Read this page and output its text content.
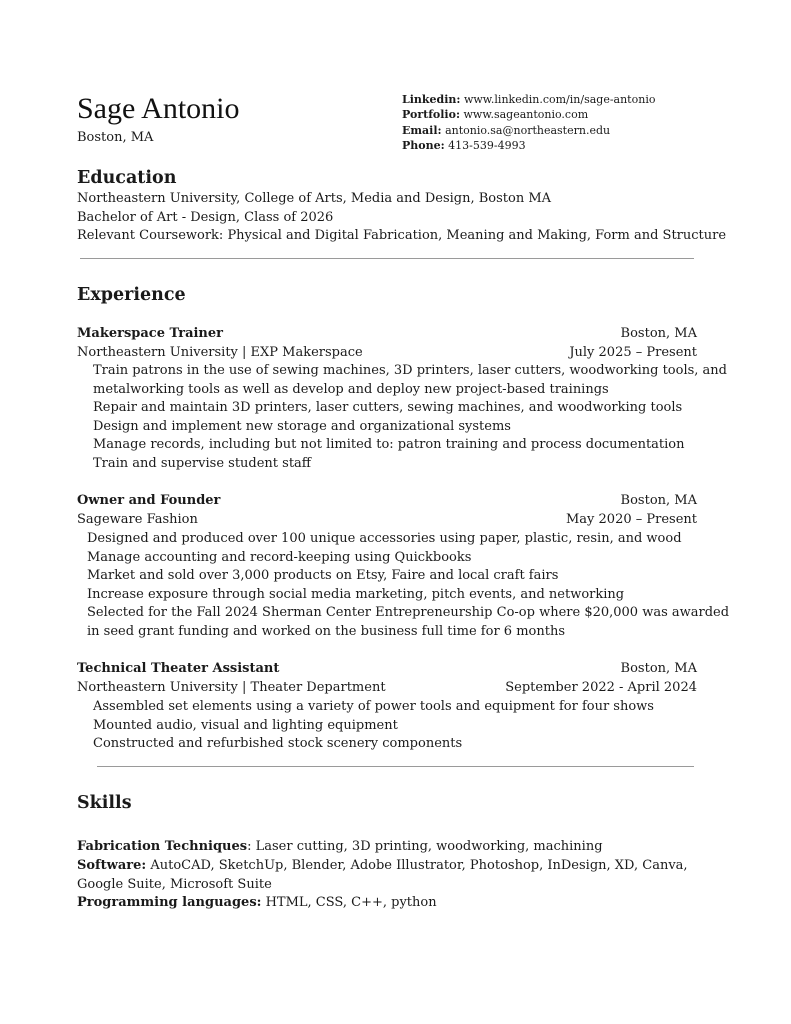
Sage Antonio
Boston, MA
Linkedin: www.linkedin.com/in/sage-antonio
Portfolio: www.sageantonio.com
Email: antonio.sa@northeastern.edu
Phone: 413-539-4993
Education
Northeastern University, College of Arts, Media and Design, Boston MA
Bachelor of Art - Design, Class of 2026
Relevant Coursework: Physical and Digital Fabrication, Meaning and Making, Form and Structure
Experience
Makerspace Trainer	Boston, MA
Northeastern University | EXP Makerspace	July 2025 – Present
Train patrons in the use of sewing machines, 3D printers, laser cutters, woodworking tools, and
metalworking tools as well as develop and deploy new project-based trainings
Repair and maintain 3D printers, laser cutters, sewing machines, and woodworking tools
Design and implement new storage and organizational systems
Manage records, including but not limited to: patron training and process documentation
Train and supervise student staff
Owner and Founder	Boston, MA
Sageware Fashion	May 2020 – Present
Designed and produced over 100 unique accessories using paper, plastic, resin, and wood
Manage accounting and record-keeping using Quickbooks
Market and sold over 3,000 products on Etsy, Faire and local craft fairs
Increase exposure through social media marketing, pitch events, and networking
Selected for the Fall 2024 Sherman Center Entrepreneurship Co-op where $20,000 was awarded
in seed grant funding and worked on the business full time for 6 months
Technical Theater Assistant	Boston, MA
Northeastern University | Theater Department	September 2022 - April 2024
Assembled set elements using a variety of power tools and equipment for four shows
Mounted audio, visual and lighting equipment
Constructed and refurbished stock scenery components
Skills
Fabrication Techniques: Laser cutting, 3D printing, woodworking, machining
Software: AutoCAD, SketchUp, Blender, Adobe Illustrator, Photoshop, InDesign, XD, Canva, Google Suite, Microsoft Suite
Programming languages: HTML, CSS, C++, python
